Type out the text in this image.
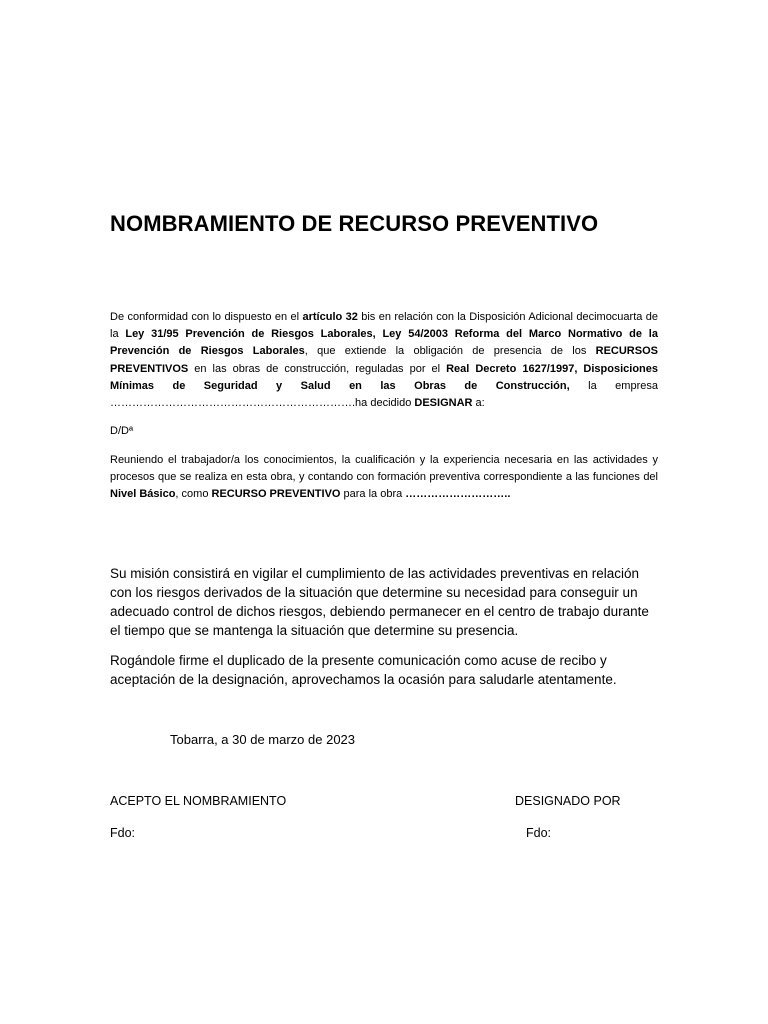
NOMBRAMIENTO DE RECURSO PREVENTIVO
De conformidad con lo dispuesto en el artículo 32 bis en relación con la Disposición Adicional decimocuarta de la Ley 31/95 Prevención de Riesgos Laborales, Ley 54/2003 Reforma del Marco Normativo de la Prevención de Riesgos Laborales, que extiende la obligación de presencia de los RECURSOS PREVENTIVOS en las obras de construcción, reguladas por el Real Decreto 1627/1997, Disposiciones Mínimas de Seguridad y Salud en las Obras de Construcción, la empresa ………………………………………………………….ha decidido DESIGNAR a:
D/Dª
Reuniendo el trabajador/a los conocimientos, la cualificación y la experiencia necesaria en las actividades y procesos que se realiza en esta obra, y contando con formación preventiva correspondiente a las funciones del Nivel Básico, como RECURSO PREVENTIVO para la obra ………………………..
Su misión consistirá en vigilar el cumplimiento de las actividades preventivas en relación con los riesgos derivados de la situación que determine su necesidad para conseguir un adecuado control de dichos riesgos, debiendo permanecer en el centro de trabajo durante el tiempo que se mantenga la situación que determine su presencia.
Rogándole firme el duplicado de la presente comunicación como acuse de recibo y aceptación de la designación, aprovechamos la ocasión para saludarle atentamente.
Tobarra, a 30 de marzo de 2023
ACEPTO EL NOMBRAMIENTO	DESIGNADO POR
Fdo:	Fdo:
